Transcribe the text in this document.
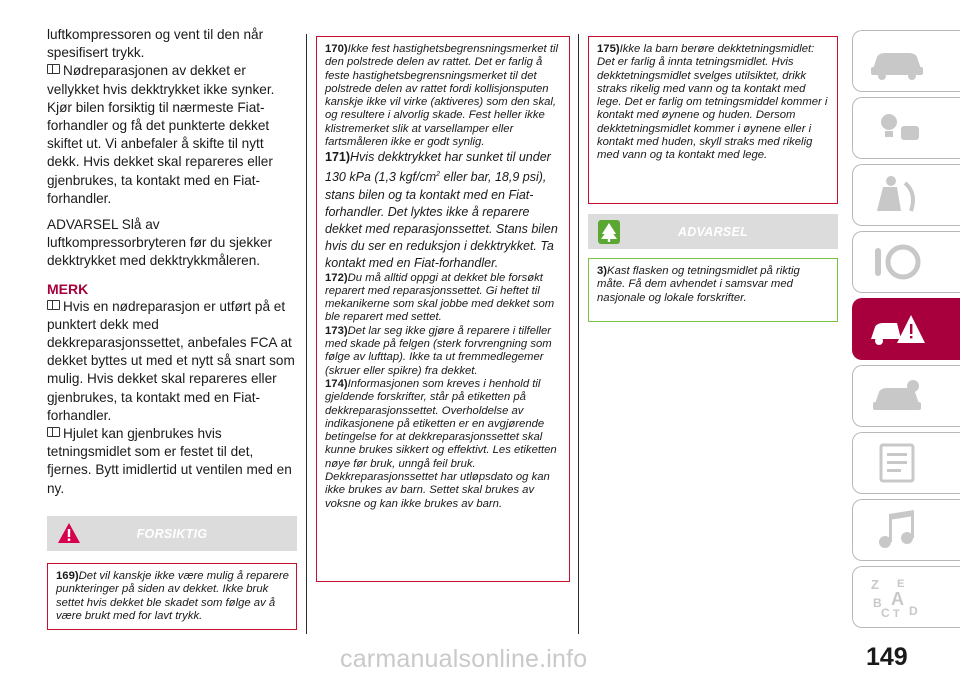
luftkompressoren og vent til den når spesifisert trykk.

Nødreparasjonen av dekket er vellykket hvis dekktrykket ikke synker. Kjør bilen forsiktig til nærmeste Fiat-forhandler og få det punkterte dekket skiftet ut. Vi anbefaler å skifte til nytt dekk. Hvis dekket skal repareres eller gjenbrukes, ta kontakt med en Fiat-forhandler.

ADVARSEL Slå av luftkompressorbryteren før du sjekker dekktrykket med dekktrykkmåleren.

MERK

Hvis en nødreparasjon er utført på et punktert dekk med dekkreparasjonssettet, anbefales FCA at dekket byttes ut med et nytt så snart som mulig. Hvis dekket skal repareres eller gjenbrukes, ta kontakt med en Fiat-forhandler.

Hjulet kan gjenbrukes hvis tetningsmidlet som er festet til det, fjernes. Bytt imidlertid ut ventilen med en ny.

FORSIKTIG

169)Det vil kanskje ikke være mulig å reparere punkteringer på siden av dekket. Ikke bruk settet hvis dekket ble skadet som følge av å være brukt med for lavt trykk.

170)Ikke fest hastighetsbegrensningsmerket til den polstrede delen av rattet. Det er farlig å feste hastighetsbegrensningsmerket til det polstrede delen av rattet fordi kollisjonsputen kanskje ikke vil virke (aktiveres) som den skal, og resultere i alvorlig skade. Fest heller ikke klistremerket slik at varsellamper eller fartsmåleren ikke er godt synlig.

171)Hvis dekktrykket har sunket til under 130 kPa (1,3 kgf/$cm^2$ eller bar, 18,9 psi), stans bilen og ta kontakt med en Fiat-forhandler. Det lyktes ikke å reparere dekket med reparasjonssettet. Stans bilen hvis du ser en reduksjon i dekktrykket. Ta kontakt med en Fiat-forhandler.

172)Du må alltid oppgi at dekket ble forsøkt reparert med reparasjonssettet. Gi heftet til mekanikerne som skal jobbe med dekket som ble reparert med settet.

173)Det lar seg ikke gjøre å reparere i tilfeller med skade på felgen (sterk forvrengning som følge av lufttap). Ikke ta ut fremmedlegemer (skruer eller spikre) fra dekket.

174)Informasjonen som kreves i henhold til gjeldende forskrifter, står på etiketten på dekkreparasjonssettet. Overholdelse av indikasjonene på etiketten er en avgjørende betingelse for at dekkreparasjonssettet skal kunne brukes sikkert og effektivt. Les etiketten nøye før bruk, unngå feil bruk. Dekkreparasjonssettet har utløpsdato og kan ikke brukes av barn. Settet skal brukes av voksne og kan ikke brukes av barn.

175)Ikke la barn berøre dekktetningsmidlet: Det er farlig å innta tetningsmidlet. Hvis dekktetningsmidlet svelges utilsiktet, drikk straks rikelig med vann og ta kontakt med lege. Det er farlig om tetningsmiddel kommer i kontakt med øynene og huden. Dersom dekktetningsmidlet kommer i øynene eller i kontakt med huden, skyll straks med rikelig med vann og ta kontakt med lege.

ADVARSEL

3)Kast flasken og tetningsmidlet på riktig måte. Få dem avhendet i samsvar med nasjonale og lokale forskrifter.

Z E
B A
C T D
149
carmanualsonline.info
